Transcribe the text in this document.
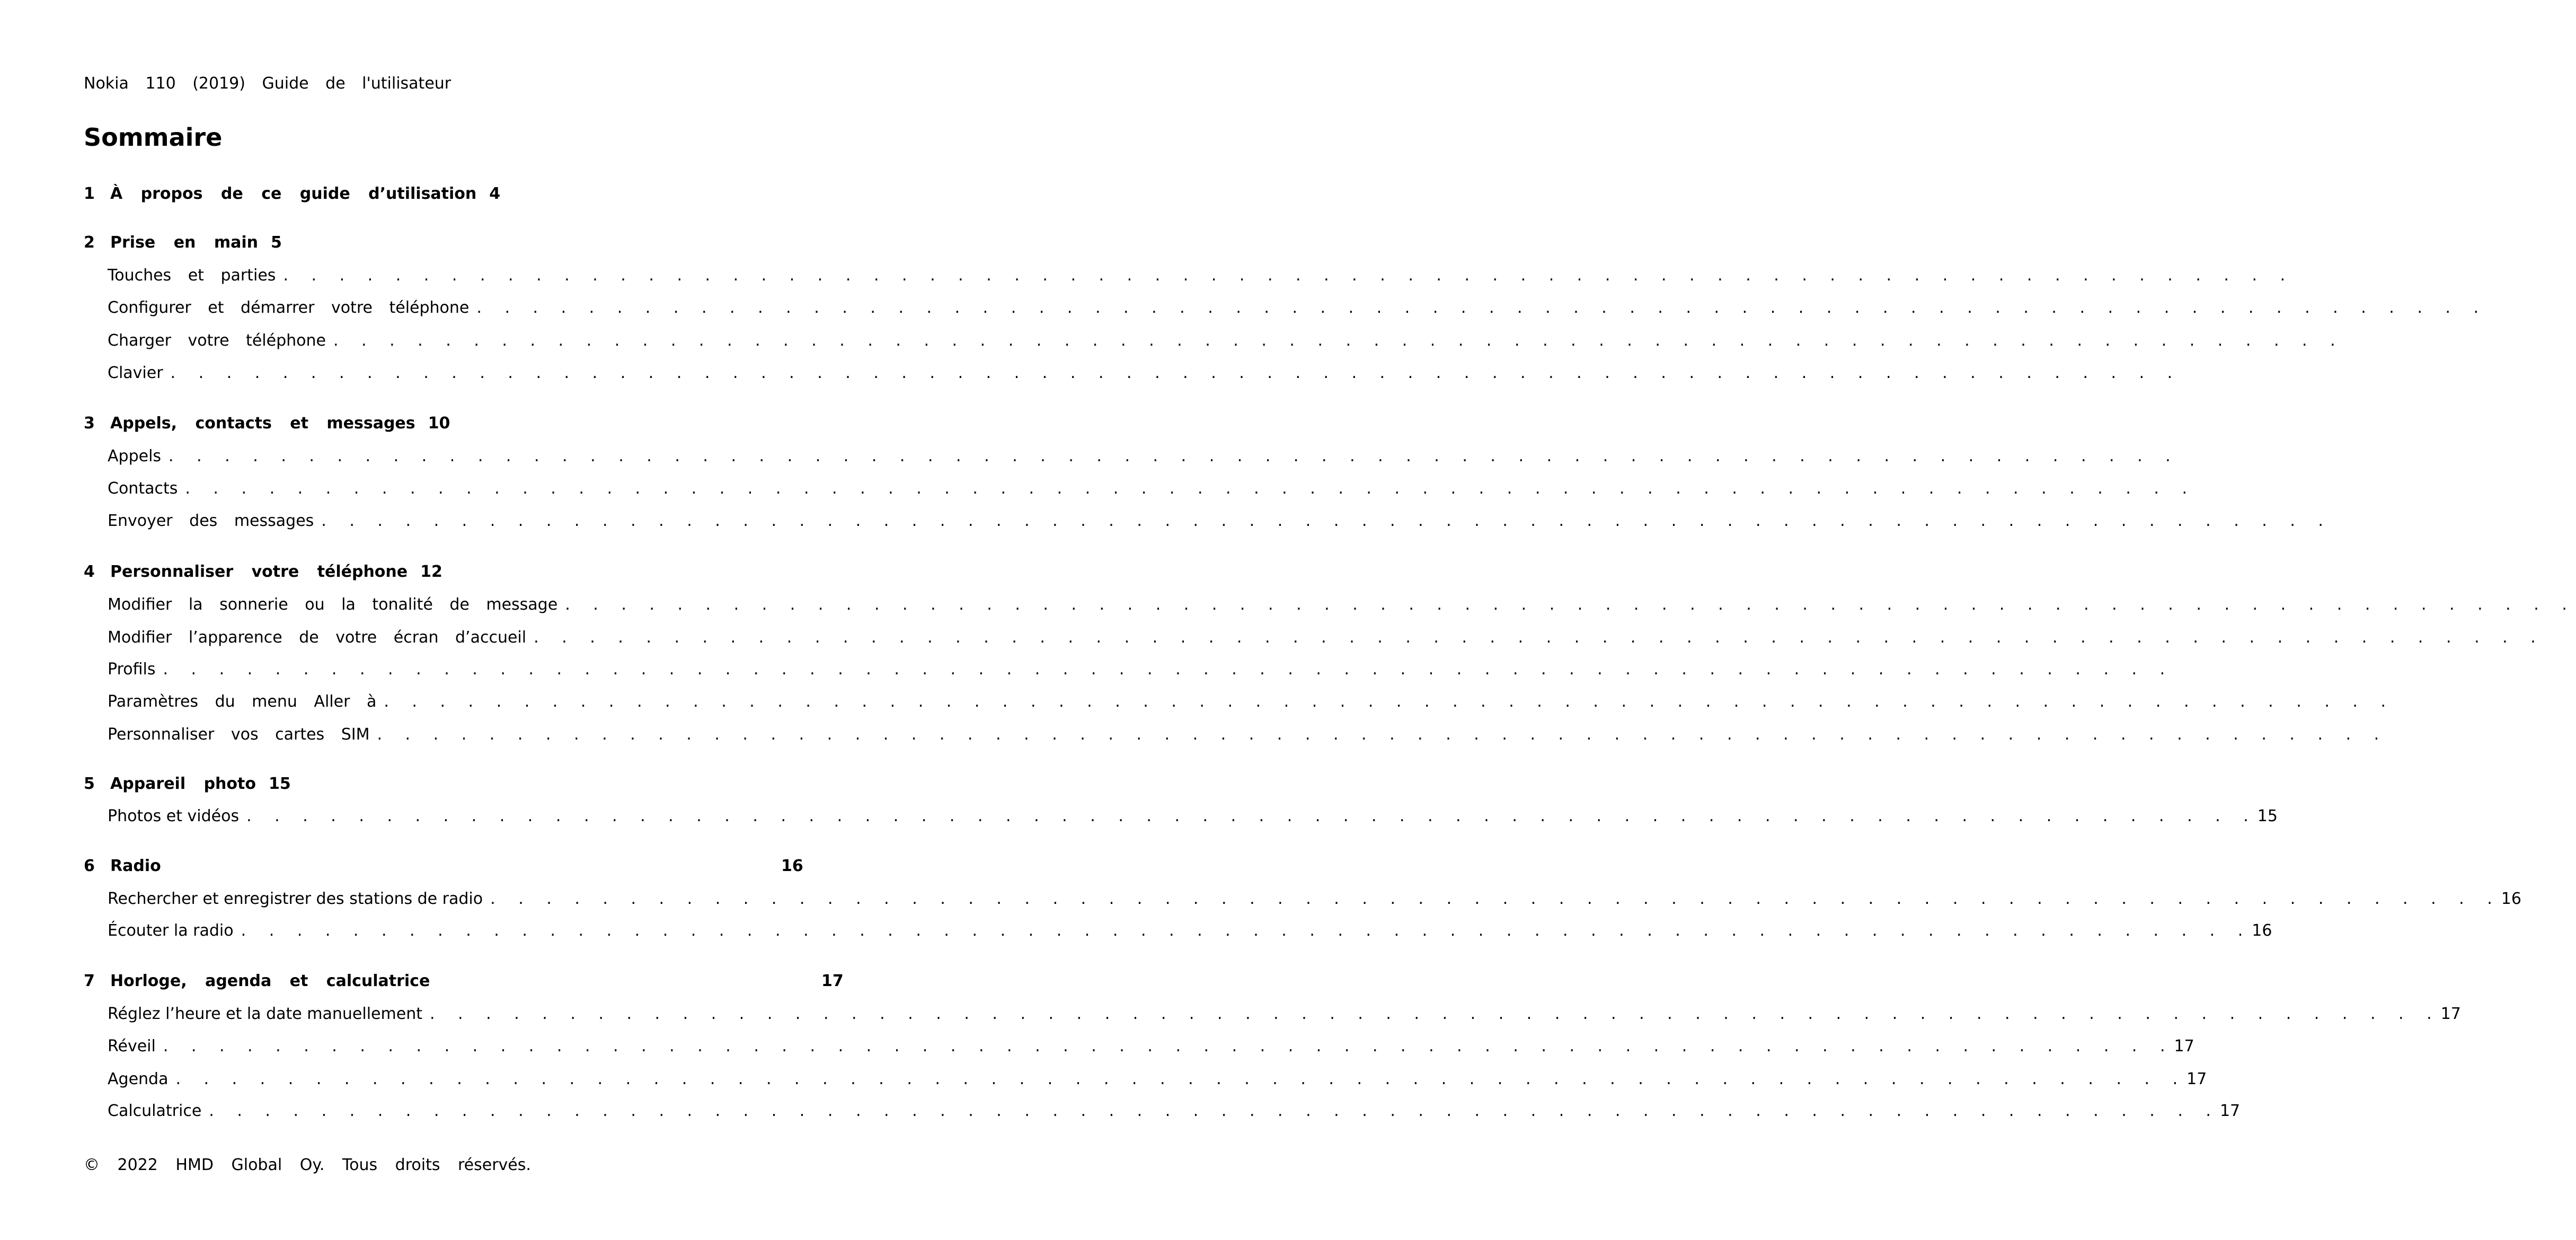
Nokia 110 (2019) Guide de l'utilisateur
Sommaire
1 À propos de ce guide d’utilisation 4
2 Prise en main 5
Touches et parties . . . . . . . . . . . . . . . . . . . . . . . . . . . . . . . . . . . . . . . . . . . . . . . . . . . . . . . . . . . . . . . . . . . . . . . .
Configurer et démarrer votre téléphone . . . . . . . . . . . . . . . . . . . . . . . . . . . . . . . . . . . . . . . . . . . . . . . . . . . . . . . . . . . . . . . . . . . . . . . .
Charger votre téléphone . . . . . . . . . . . . . . . . . . . . . . . . . . . . . . . . . . . . . . . . . . . . . . . . . . . . . . . . . . . . . . . . . . . . . . . .
Clavier . . . . . . . . . . . . . . . . . . . . . . . . . . . . . . . . . . . . . . . . . . . . . . . . . . . . . . . . . . . . . . . . . . . . . . . .
3 Appels, contacts et messages 10
Appels . . . . . . . . . . . . . . . . . . . . . . . . . . . . . . . . . . . . . . . . . . . . . . . . . . . . . . . . . . . . . . . . . . . . . . . .
Contacts . . . . . . . . . . . . . . . . . . . . . . . . . . . . . . . . . . . . . . . . . . . . . . . . . . . . . . . . . . . . . . . . . . . . . . . .
Envoyer des messages . . . . . . . . . . . . . . . . . . . . . . . . . . . . . . . . . . . . . . . . . . . . . . . . . . . . . . . . . . . . . . . . . . . . . . . .
4 Personnaliser votre téléphone 12
Modifier la sonnerie ou la tonalité de message . . . . . . . . . . . . . . . . . . . . . . . . . . . . . . . . . . . . . . . . . . . . . . . . . . . . . . . . . . . . . . . . . . . . . . . .
Modifier l’apparence de votre écran d’accueil . . . . . . . . . . . . . . . . . . . . . . . . . . . . . . . . . . . . . . . . . . . . . . . . . . . . . . . . . . . . . . . . . . . . . . . .
Profils . . . . . . . . . . . . . . . . . . . . . . . . . . . . . . . . . . . . . . . . . . . . . . . . . . . . . . . . . . . . . . . . . . . . . . . .
Paramètres du menu Aller à . . . . . . . . . . . . . . . . . . . . . . . . . . . . . . . . . . . . . . . . . . . . . . . . . . . . . . . . . . . . . . . . . . . . . . . .
Personnaliser vos cartes SIM . . . . . . . . . . . . . . . . . . . . . . . . . . . . . . . . . . . . . . . . . . . . . . . . . . . . . . . . . . . . . . . . . . . . . . . .
5 Appareil photo 15
Photos et vidéos . . . . . . . . . . . . . . . . . . . . . . . . . . . . . . . . . . . . . . . . . . . . . . . . . . . . . . . . . . . . . . . . . . . . . . . . 15
6 Radio	16
Rechercher et enregistrer des stations de radio . . . . . . . . . . . . . . . . . . . . . . . . . . . . . . . . . . . . . . . . . . . . . . . . . . . . . . . . . . . . . . . . . . . . . . . . 16
Écouter la radio . . . . . . . . . . . . . . . . . . . . . . . . . . . . . . . . . . . . . . . . . . . . . . . . . . . . . . . . . . . . . . . . . . . . . . . . 16
7 Horloge, agenda et calculatrice	17
Réglez l’heure et la date manuellement . . . . . . . . . . . . . . . . . . . . . . . . . . . . . . . . . . . . . . . . . . . . . . . . . . . . . . . . . . . . . . . . . . . . . . . . 17
Réveil . . . . . . . . . . . . . . . . . . . . . . . . . . . . . . . . . . . . . . . . . . . . . . . . . . . . . . . . . . . . . . . . . . . . . . . . 17
Agenda . . . . . . . . . . . . . . . . . . . . . . . . . . . . . . . . . . . . . . . . . . . . . . . . . . . . . . . . . . . . . . . . . . . . . . . . 17
Calculatrice . . . . . . . . . . . . . . . . . . . . . . . . . . . . . . . . . . . . . . . . . . . . . . . . . . . . . . . . . . . . . . . . . . . . . . . . 17
© 2022 HMD Global Oy. Tous droits réservés.
